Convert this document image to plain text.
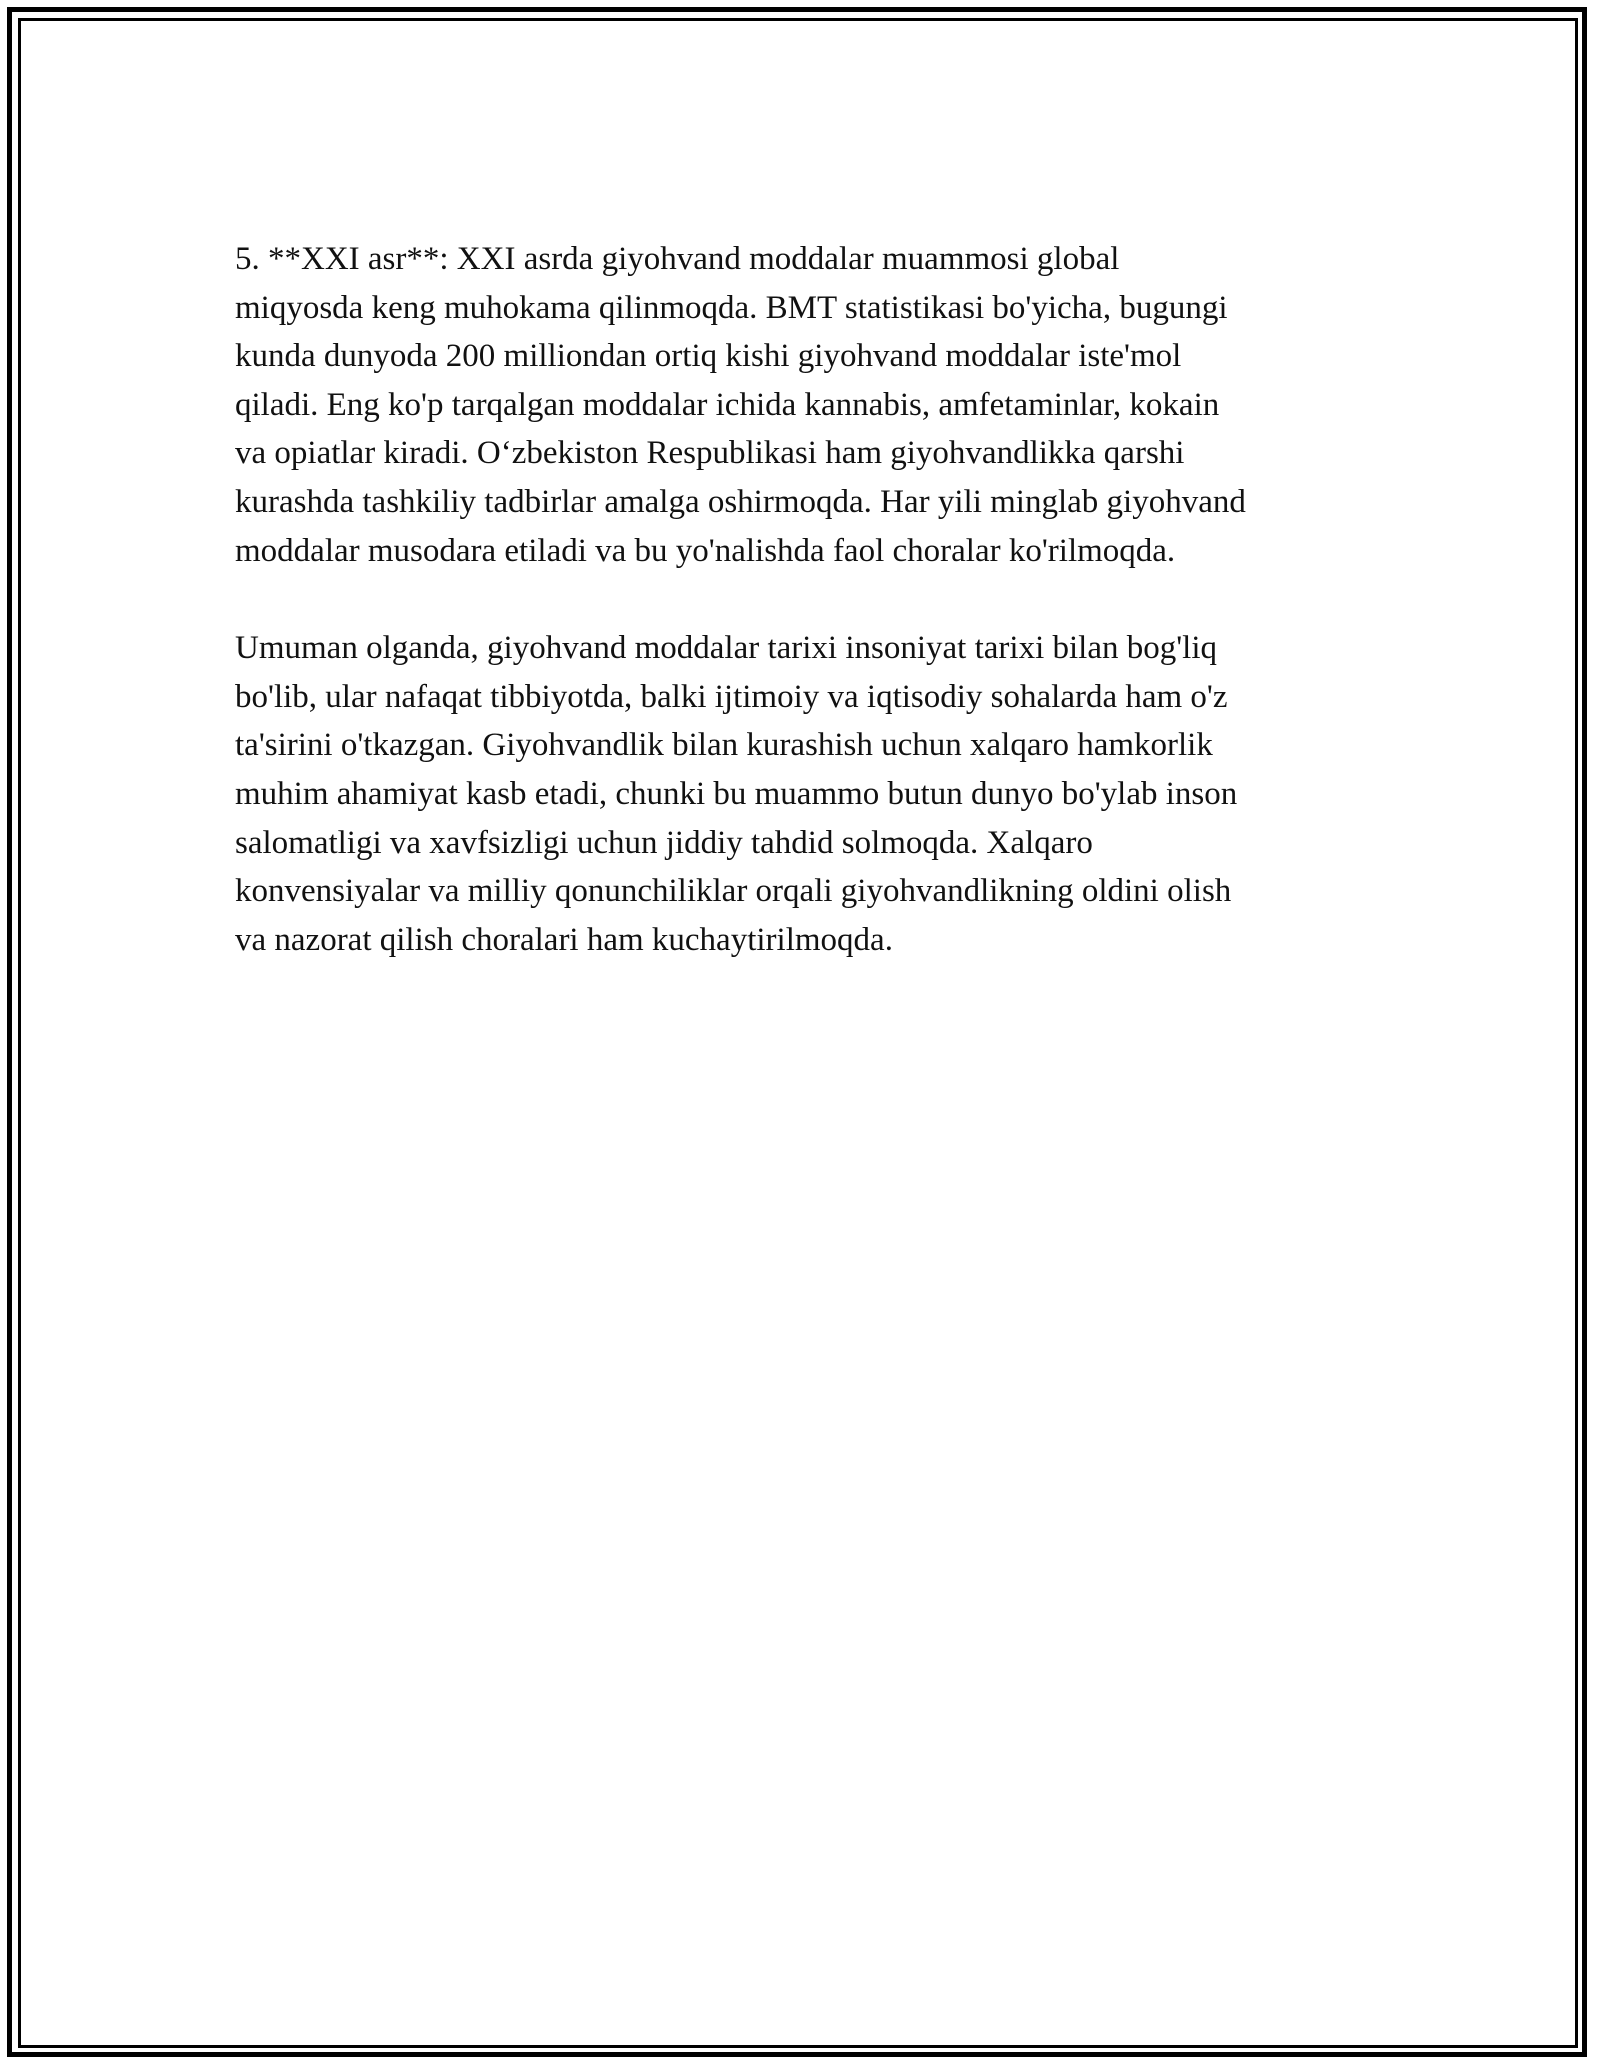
5. **XXI asr**: XXI asrda giyohvand moddalar muammosi global
miqyosda keng muhokama qilinmoqda. BMT statistikasi bo'yicha, bugungi
kunda dunyoda 200 milliondan ortiq kishi giyohvand moddalar iste'mol
qiladi. Eng ko'p tarqalgan moddalar ichida kannabis, amfetaminlar, kokain
va opiatlar kiradi. O‘zbekiston Respublikasi ham giyohvandlikka qarshi
kurashda tashkiliy tadbirlar amalga oshirmoqda. Har yili minglab giyohvand
moddalar musodara etiladi va bu yo'nalishda faol choralar ko'rilmoqda.

Umuman olganda, giyohvand moddalar tarixi insoniyat tarixi bilan bog'liq
bo'lib, ular nafaqat tibbiyotda, balki ijtimoiy va iqtisodiy sohalarda ham o'z
ta'sirini o'tkazgan. Giyohvandlik bilan kurashish uchun xalqaro hamkorlik
muhim ahamiyat kasb etadi, chunki bu muammo butun dunyo bo'ylab inson
salomatligi va xavfsizligi uchun jiddiy tahdid solmoqda. Xalqaro
konvensiyalar va milliy qonunchiliklar orqali giyohvandlikning oldini olish
va nazorat qilish choralari ham kuchaytirilmoqda.
